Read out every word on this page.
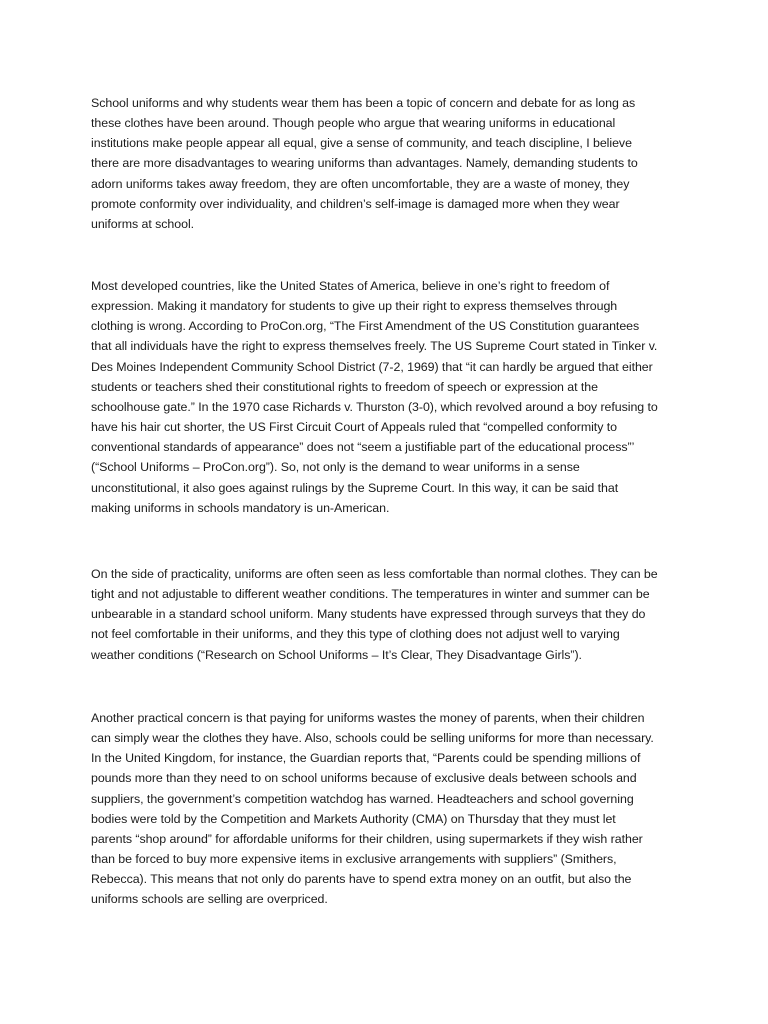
School uniforms and why students wear them has been a topic of concern and debate for as long as
these clothes have been around. Though people who argue that wearing uniforms in educational
institutions make people appear all equal, give a sense of community, and teach discipline, I believe
there are more disadvantages to wearing uniforms than advantages. Namely, demanding students to
adorn uniforms takes away freedom, they are often uncomfortable, they are a waste of money, they
promote conformity over individuality, and children’s self-image is damaged more when they wear
uniforms at school.

Most developed countries, like the United States of America, believe in one’s right to freedom of
expression. Making it mandatory for students to give up their right to express themselves through
clothing is wrong. According to ProCon.org, “The First Amendment of the US Constitution guarantees
that all individuals have the right to express themselves freely. The US Supreme Court stated in Tinker v.
Des Moines Independent Community School District (7-2, 1969) that “it can hardly be argued that either
students or teachers shed their constitutional rights to freedom of speech or expression at the
schoolhouse gate.” In the 1970 case Richards v. Thurston (3-0), which revolved around a boy refusing to
have his hair cut shorter, the US First Circuit Court of Appeals ruled that “compelled conformity to
conventional standards of appearance” does not “seem a justifiable part of the educational process”’
(“School Uniforms – ProCon.org”). So, not only is the demand to wear uniforms in a sense
unconstitutional, it also goes against rulings by the Supreme Court. In this way, it can be said that
making uniforms in schools mandatory is un-American.

On the side of practicality, uniforms are often seen as less comfortable than normal clothes. They can be
tight and not adjustable to different weather conditions. The temperatures in winter and summer can be
unbearable in a standard school uniform. Many students have expressed through surveys that they do
not feel comfortable in their uniforms, and they this type of clothing does not adjust well to varying
weather conditions (“Research on School Uniforms – It’s Clear, They Disadvantage Girls”).

Another practical concern is that paying for uniforms wastes the money of parents, when their children
can simply wear the clothes they have. Also, schools could be selling uniforms for more than necessary.
In the United Kingdom, for instance, the Guardian reports that, “Parents could be spending millions of
pounds more than they need to on school uniforms because of exclusive deals between schools and
suppliers, the government’s competition watchdog has warned. Headteachers and school governing
bodies were told by the Competition and Markets Authority (CMA) on Thursday that they must let
parents “shop around” for affordable uniforms for their children, using supermarkets if they wish rather
than be forced to buy more expensive items in exclusive arrangements with suppliers” (Smithers,
Rebecca). This means that not only do parents have to spend extra money on an outfit, but also the
uniforms schools are selling are overpriced.
